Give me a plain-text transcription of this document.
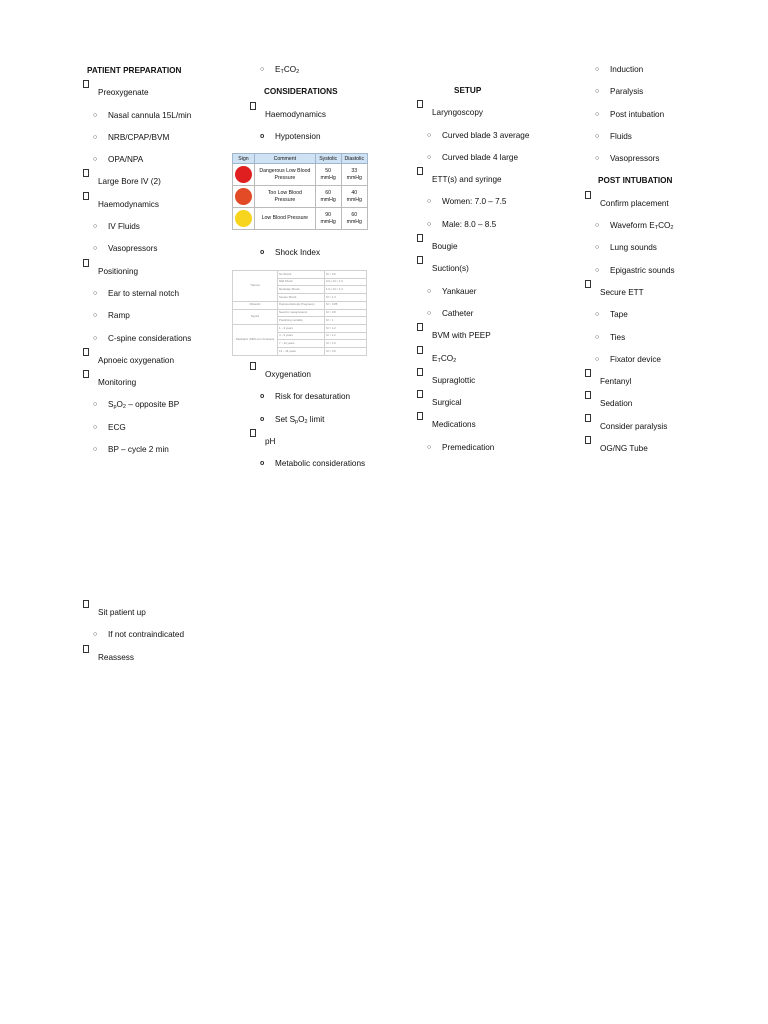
PATIENT PREPARATION
Preoxygenate
○ Nasal cannula 15L/min
○ NRB/CPAP/BVM
○ OPA/NPA
Large Bore IV (2)
Haemodynamics
○ IV Fluids
○ Vasopressors
Positioning
○ Ear to sternal notch
○ Ramp
○ C-spine considerations
Apnoeic oxygenation
Monitoring
○ SpO2 – opposite BP
○ ECG
○ BP – cycle 2 min
Sit patient up
○ If not contraindicated
Reassess
○ ETCO2
CONSIDERATIONS
Haemodynamics
o Hypotension
Sign	Comment	Systolic	Diastolic
	Dangerous Low Blood Pressure	50 mmHg	33 mmHg
	Too Low Blood Pressure	60 mmHg	40 mmHg
	Low Blood Pressure	90 mmHg	60 mmHg
o Shock Index
Trauma	No Shock	SI < 0.6
	Mild Shock	0.6 ≤ SI < 1.0
	Moderate Shock	1.0 ≤ SI < 1.4
	Severe Shock	SI > 1.4
Obstetric	Ruptured Ectopic Pregnancy	SI > 0.85
Sepsis	Need for vasopressors	SI > 0.8
	Predicting mortality	SI > 1
Paediatric (SIPA-cut off values)	1 – 3 years	SI > 1.2
	4 – 6 years	SI > 1.2
	7 – 12 years	SI > 1.0
	13 – 16 years	SI > 0.9
Oxygenation
o Risk for desaturation
o Set SpO2 limit
pH
o Metabolic considerations
SETUP
Laryngoscopy
○ Curved blade 3 average
○ Curved blade 4 large
ETT(s) and syringe
○ Women: 7.0 – 7.5
○ Male: 8.0 – 8.5
Bougie
Suction(s)
○ Yankauer
○ Catheter
BVM with PEEP
ETCO2
Supraglottic
Surgical
Medications
○ Premedication
○ Induction
○ Paralysis
○ Post intubation
○ Fluids
○ Vasopressors
POST INTUBATION
Confirm placement
○ Waveform ETCO2
○ Lung sounds
○ Epigastric sounds
Secure ETT
○ Tape
○ Ties
○ Fixator device
Fentanyl
Sedation
Consider paralysis
OG/NG Tube
